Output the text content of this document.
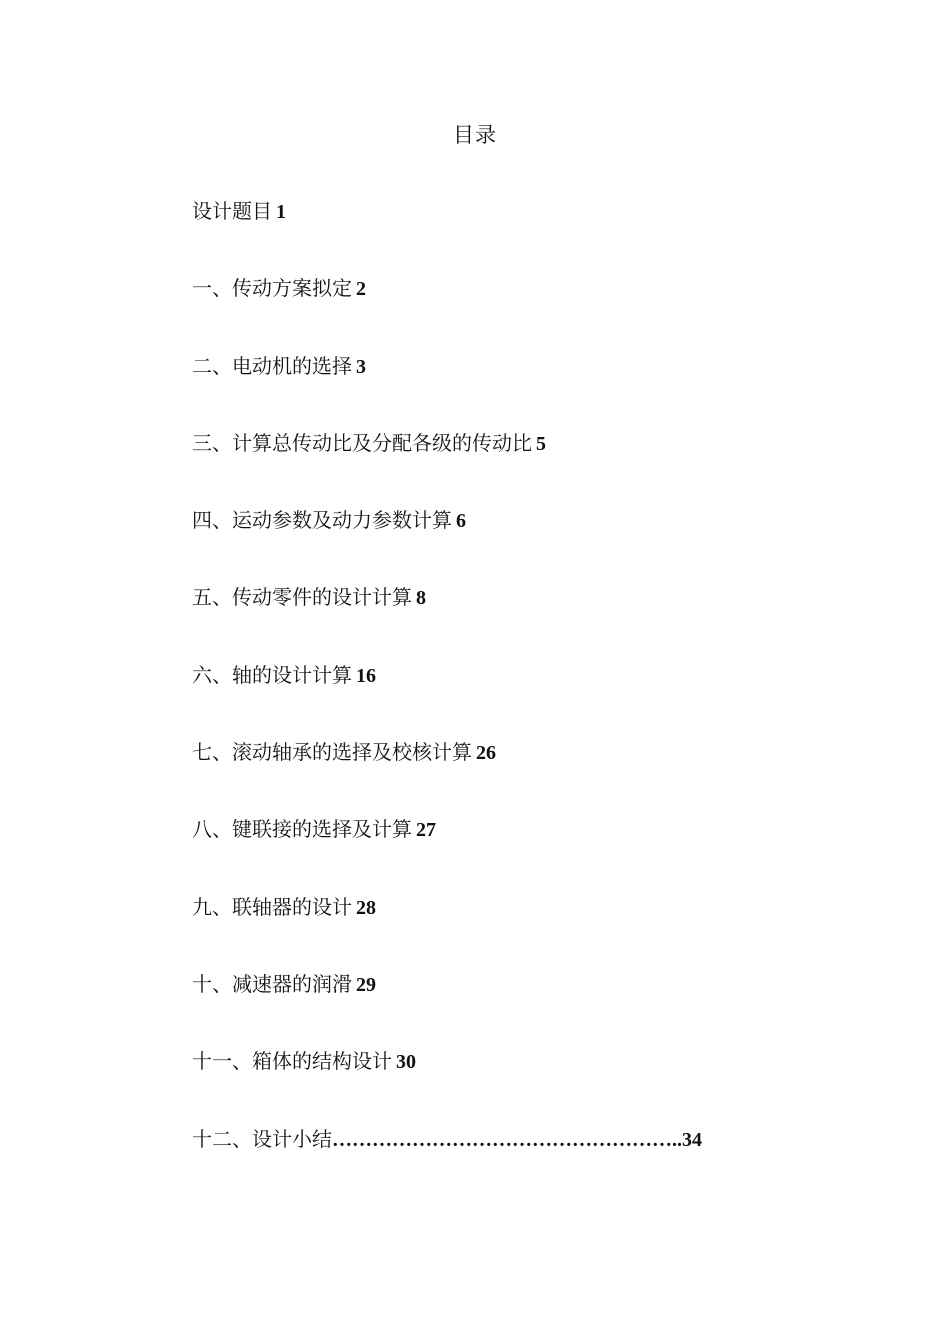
目录
设计题目 1
一、传动方案拟定 2
二、电动机的选择 3
三、计算总传动比及分配各级的传动比 5
四、运动参数及动力参数计算 6
五、传动零件的设计计算 8
六、轴的设计计算 16
七、滚动轴承的选择及校核计算 26
八、键联接的选择及计算 27
九、联轴器的设计 28
十、减速器的润滑 29
十一、箱体的结构设计 30
十二、设计小结……………………………………………..34
